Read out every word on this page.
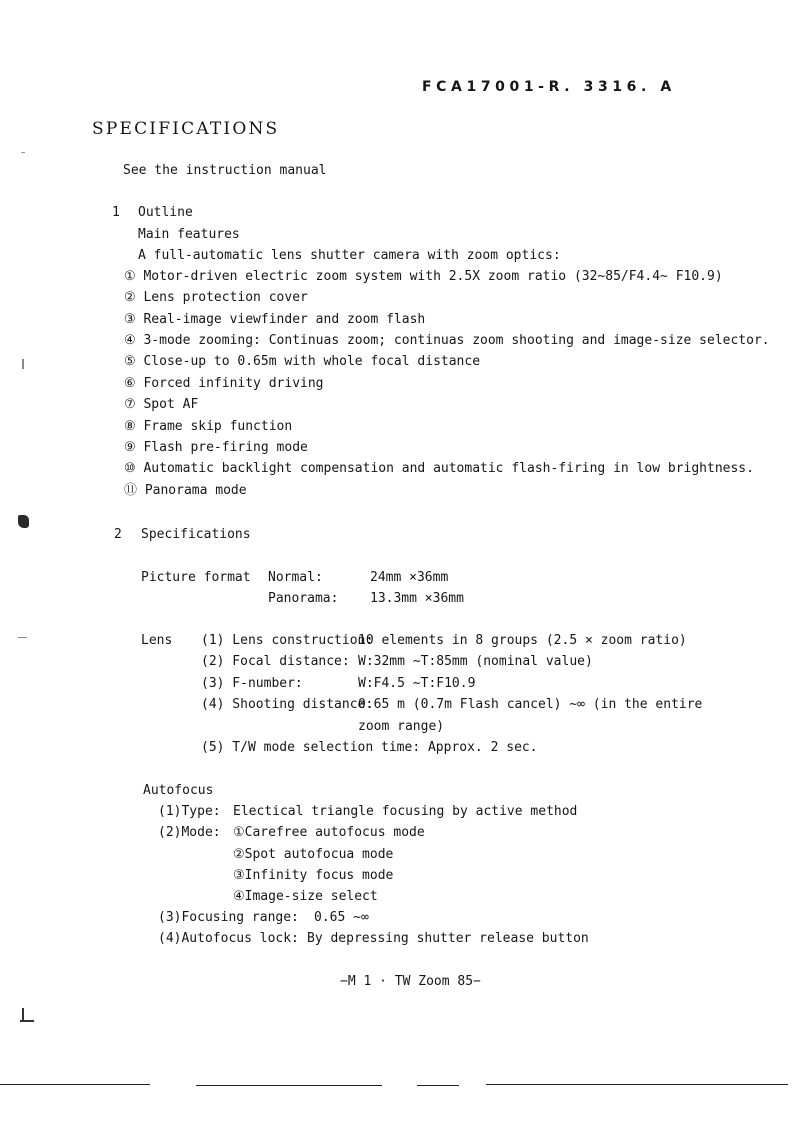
FCA17001-R. 3316. A
SPECIFICATIONS
See the instruction manual
1 Outline
Main features
A full-automatic lens shutter camera with zoom optics:
① Motor-driven electric zoom system with 2.5X zoom ratio (32~85/F4.4~ F10.9)
② Lens protection cover
③ Real-image viewfinder and zoom flash
④ 3-mode zooming: Continuas zoom; continuas zoom shooting and image-size selector.
⑤ Close-up to 0.65m with whole focal distance
⑥ Forced infinity driving
⑦ Spot AF
⑧ Frame skip function
⑨ Flash pre-firing mode
⑩ Automatic backlight compensation and automatic flash-firing in low brightness.
⑪ Panorama mode
2 Specifications
Picture format Normal:	24mm ×36mm
Panorama: 13.3mm ×36mm
Lens (1) Lens construction:
10 elements in 8 groups (2.5 × zoom ratio)
(2) Focal distance: W:32mm ~T:85mm (nominal value)
(3) F-number:	W:F4.5 ~T:F10.9
(4) Shooting distance:
0.65 m (0.7m Flash cancel) ~∞ (in the entire
zoom range)
(5) T/W mode selection time: Approx. 2 sec.
Autofocus
(1)Type: Electical triangle focusing by active method
(2)Mode: ①Carefree autofocus mode
②Spot autofocua mode
③Infinity focus mode
④Image-size select
(3)Focusing range: 0.65 ~∞
(4)Autofocus lock: By depressing shutter release button
−M 1 · TW Zoom 85−
